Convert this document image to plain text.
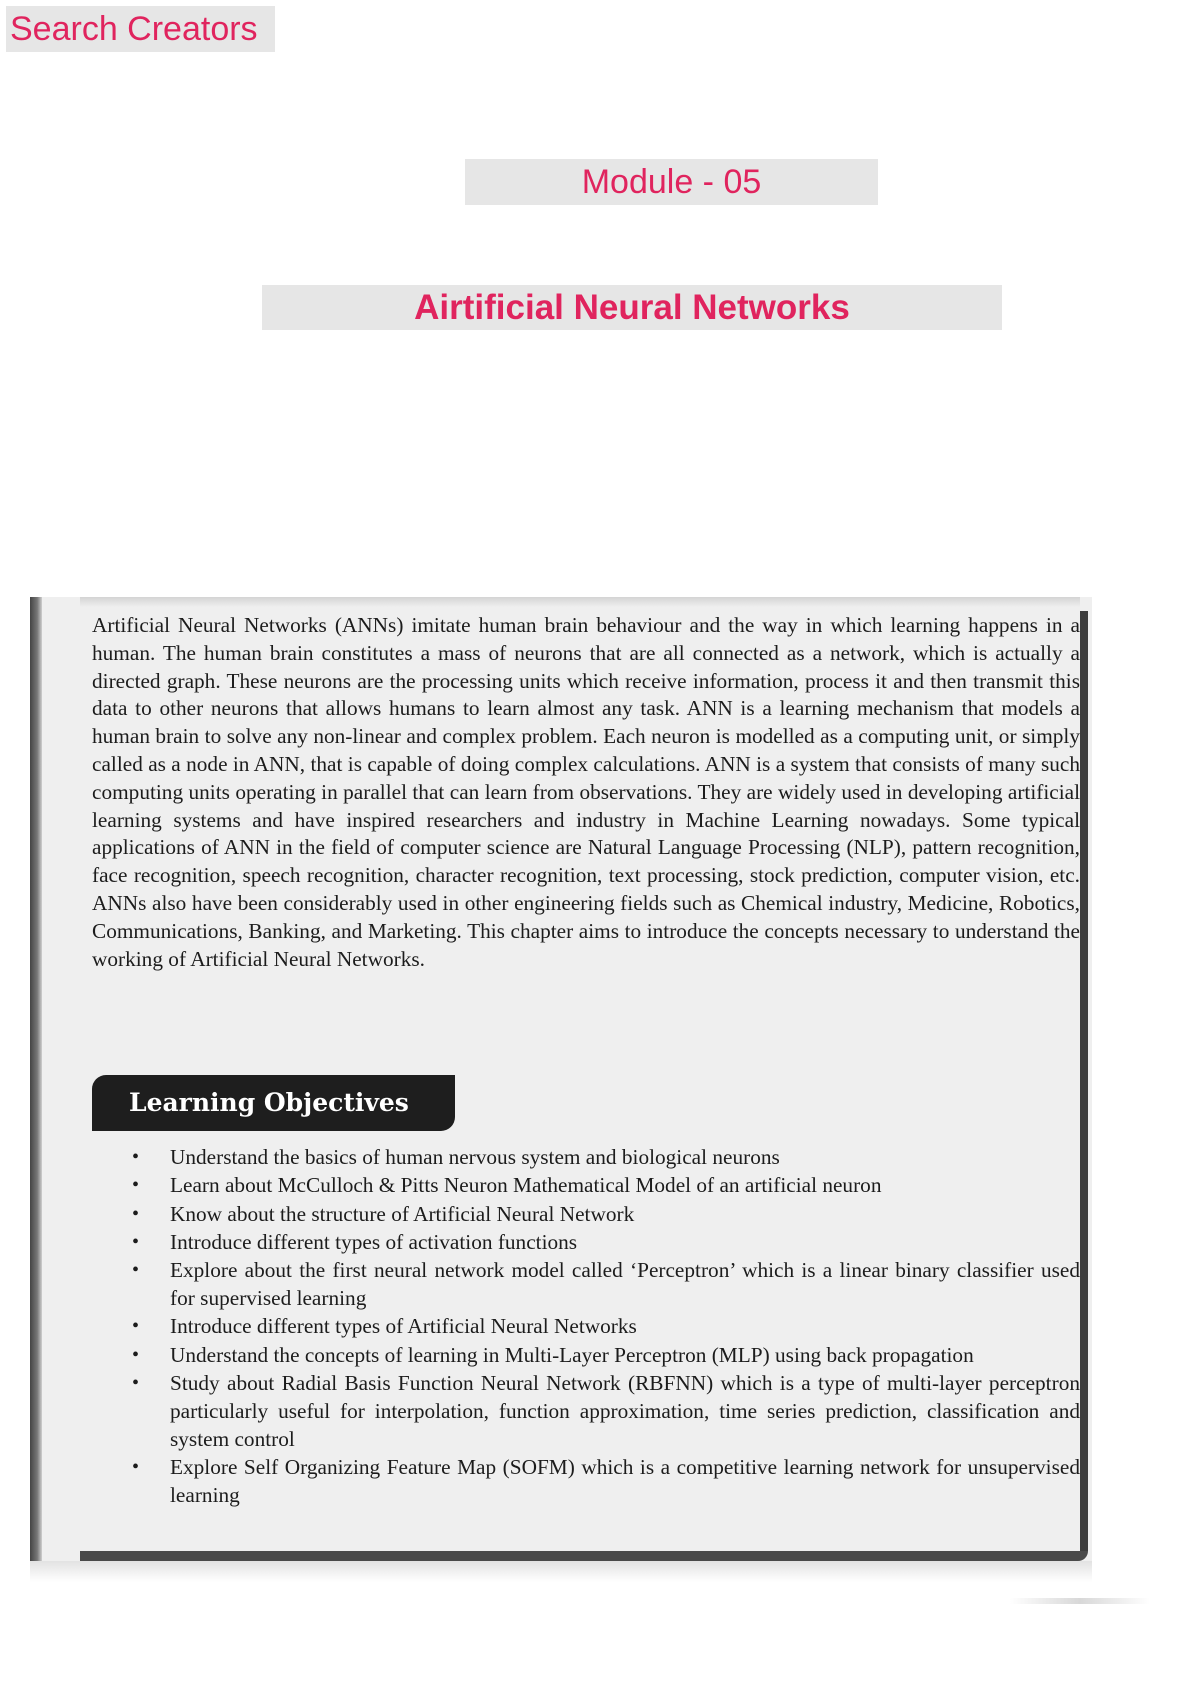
Search Creators
Module - 05
Airtificial Neural Networks

Artificial Neural Networks (ANNs) imitate human brain behaviour and the way in which learning happens in a human. The human brain constitutes a mass of neurons that are all connected as a network, which is actually a directed graph. These neurons are the processing units which receive information, process it and then transmit this data to other neurons that allows humans to learn almost any task. ANN is a learning mechanism that models a human brain to solve any non-linear and complex problem. Each neuron is modelled as a computing unit, or simply called as a node in ANN, that is capable of doing complex calculations. ANN is a system that consists of many such computing units operating in parallel that can learn from observations. They are widely used in developing artificial learning systems and have inspired researchers and industry in Machine Learning nowadays. Some typical applications of ANN in the field of computer science are Natural Language Processing (NLP), pattern recognition, face recognition, speech recognition, character recognition, text processing, stock prediction, computer vision, etc. ANNs also have been considerably used in other engineering fields such as Chemical industry, Medicine, Robotics, Communications, Banking, and Marketing. This chapter aims to introduce the concepts necessary to understand the working of Artificial Neural Networks.

Learning Objectives
• Understand the basics of human nervous system and biological neurons
• Learn about McCulloch & Pitts Neuron Mathematical Model of an artificial neuron
• Know about the structure of Artificial Neural Network
• Introduce different types of activation functions
• Explore about the first neural network model called ‘Perceptron’ which is a linear binary classifier used for supervised learning
• Introduce different types of Artificial Neural Networks
• Understand the concepts of learning in Multi-Layer Perceptron (MLP) using back propagation
• Study about Radial Basis Function Neural Network (RBFNN) which is a type of multi-layer perceptron particularly useful for interpolation, function approximation, time series prediction, classification and system control
• Explore Self Organizing Feature Map (SOFM) which is a competitive learning network for unsupervised learning
